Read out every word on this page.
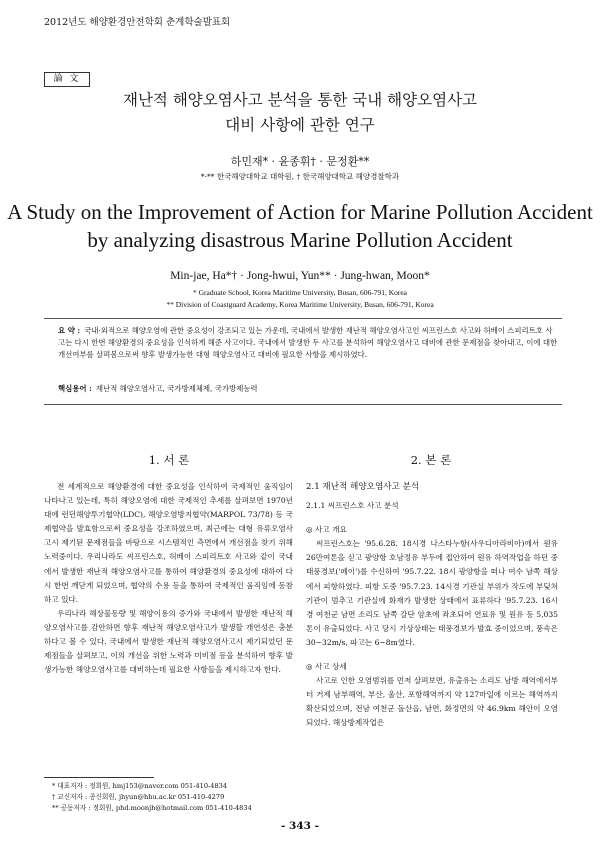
2012년도 해양환경안전학회 춘계학술발표회
論 文
재난적 해양오염사고 분석을 통한 국내 해양오염사고
대비 사항에 관한 연구
하민재* · 윤종휘† · 문정환**
*·** 한국해양대학교 대학원, † 한국해양대학교 해양경찰학과
A Study on the Improvement of Action for Marine Pollution Accident
by analyzing disastrous Marine Pollution Accident
Min-jae, Ha*† · Jong-hwui, Yun** · Jung-hwan, Moon*
* Graduate School, Korea Maritime University, Busan, 606-791, Korea
** Division of Coastguard Academy, Korea Maritime University, Busan, 606-791, Korea
요 약 : 국내·외적으로 해양오염에 관한 중요성이 강조되고 있는 가운데, 국내에서 발생한 재난적 해양오염사고인 씨프린스호 사고와 허베이 스피리트호 사고는 다시 한번 해양환경의 중요성을 인식하게 해준 사고이다. 국내에서 발생한 두 사고를 분석하여 해양오염사고 대비에 관한 문제점을 찾아내고, 이에 대한 개선여부를 살펴봄으로써 향후 발생가능한 대형 해양오염사고 대비에 필요한 사항을 제시하였다.
핵심용어 : 재난적 해양오염사고, 국가방제체제, 국가방제능력
1. 서 론	2. 본 론

전 세계적으로 해양환경에 대한 중요성을 인식하여 국제적인 움직임이 나타나고 있는데, 특히 해양오염에 대한 국제적인 추세를 살펴보면 1970년대에 런던해양투기협약(LDC), 해양오염방지협약(MARPOL 73/78) 등 국제협약을 발효함으로써 중요성을 강조하였으며, 최근에는 대형 유류오염사고시 제기된 문제점들을 바탕으로 시스템적인 측면에서 개선점을 찾기 위해 노력중이다. 우리나라도 씨프린스호, 허베이 스피리트호 사고와 같이 국내에서 발생한 재난적 해양오염사고를 통하여 해양환경의 중요성에 대하여 다시 한번 깨닫게 되었으며, 협약의 수용 등을 통하여 국제적인 움직임에 동참하고 있다.

우리나라 해상물동량 및 해양이용의 증가와 국내에서 발생한 재난적 해양오염사고를 감안하면 향후 재난적 해양오염사고가 발생할 개연성은 충분하다고 볼 수 있다. 국내에서 발생한 재난적 해양오염사고시 제기되었던 문제점들을 살펴보고, 이의 개선을 위한 노력과 미비점 등을 분석하여 향후 발생가능한 해양오염사고를 대비하는데 필요한 사항들을 제시하고자 한다.

2.1 재난적 해양오염사고 분석
2.1.1 씨프린스호 사고 분석
◎ 사고 개요

씨프린스호는 '95.6.28. 18시경 나스타누항(사우디아라비아)에서 원유 26만여톤을 싣고 광양항 호남정유 부두에 접안하여 원유 하역작업을 하던 중 태풍경보('페이')를 수신하여 '95.7.22. 18시 광양항을 떠나 여수 남쪽 해상에서 피항하였다. 피항 도중 '95.7.23. 14시경 기관실 부위가 작도에 부딪쳐 기관이 멈추고 기관실에 화재가 발생한 상태에서 표류하다 '95.7.23. 16시경 여천군 남면 소리도 남쪽 갈단 암초에 좌초되어 연료유 및 원유 등 5,035톤이 유출되었다. 사고 당시 기상상태는 태풍경보가 발효 중이었으며, 풍속은 30~32m/s, 파고는 6~8m였다.

◎ 사고 상세

사고로 인한 오염범위를 먼저 살펴보면, 유출유는 소리도 남방 해역에서부터 거제 남부해역, 부산, 울산, 포항해역까지 약 127마일에 이르는 해역까지 확산되었으며, 전남 여천군 돌산읍, 남면, 화정면의 약 46.9km 해안이 오염되었다. 해상방제작업은

* 대표저자 : 정회원, hmj153@naver.com 051-410-4834
† 교신저자 : 종신회원, jhyun@hhu.ac.kr 051-410-4279
** 공동저자 : 정회원, phd.moonjh@hotmail.com 051-410-4834
- 343 -
